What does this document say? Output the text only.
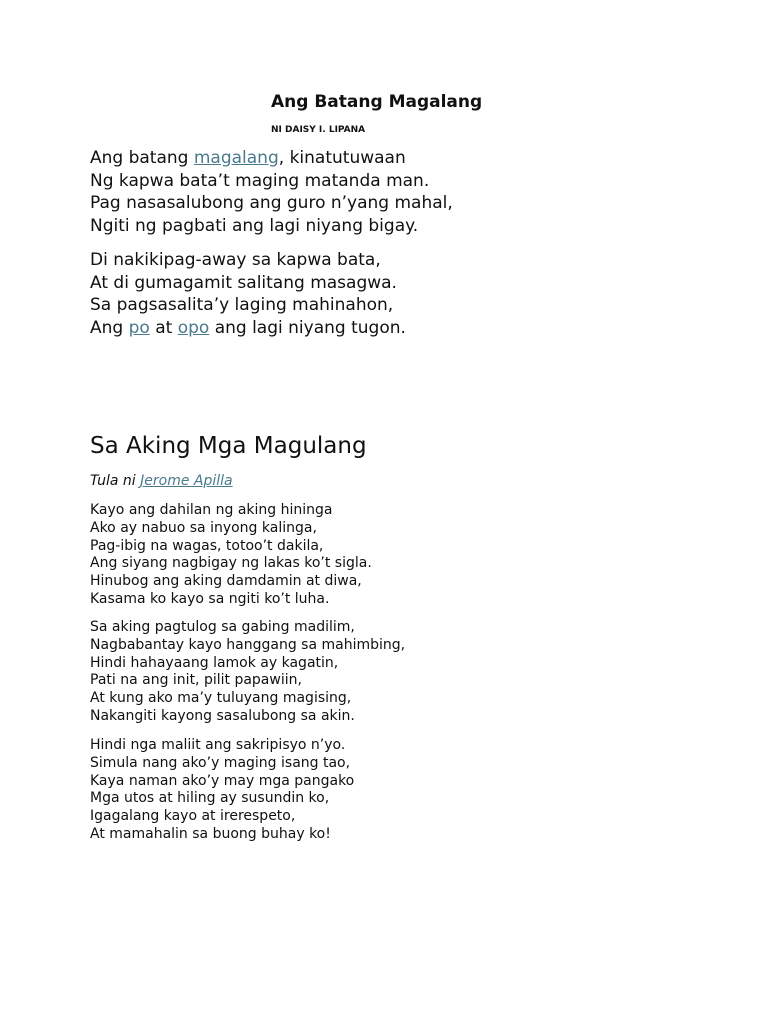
Ang Batang Magalang
NI DAISY I. LIPANA
Ang batang magalang, kinatutuwaan
Ng kapwa bata’t maging matanda man.
Pag nasasalubong ang guro n’yang mahal,
Ngiti ng pagbati ang lagi niyang bigay.
Di nakikipag-away sa kapwa bata,
At di gumagamit salitang masagwa.
Sa pagsasalita’y laging mahinahon,
Ang po at opo ang lagi niyang tugon.
Sa Aking Mga Magulang
Tula ni Jerome Apilla
Kayo ang dahilan ng aking hininga
Ako ay nabuo sa inyong kalinga,
Pag-ibig na wagas, totoo’t dakila,
Ang siyang nagbigay ng lakas ko’t sigla.
Hinubog ang aking damdamin at diwa,
Kasama ko kayo sa ngiti ko’t luha.
Sa aking pagtulog sa gabing madilim,
Nagbabantay kayo hanggang sa mahimbing,
Hindi hahayaang lamok ay kagatin,
Pati na ang init, pilit papawiin,
At kung ako ma’y tuluyang magising,
Nakangiti kayong sasalubong sa akin.
Hindi nga maliit ang sakripisyo n’yo.
Simula nang ako’y maging isang tao,
Kaya naman ako’y may mga pangako
Mga utos at hiling ay susundin ko,
Igagalang kayo at irerespeto,
At mamahalin sa buong buhay ko!
